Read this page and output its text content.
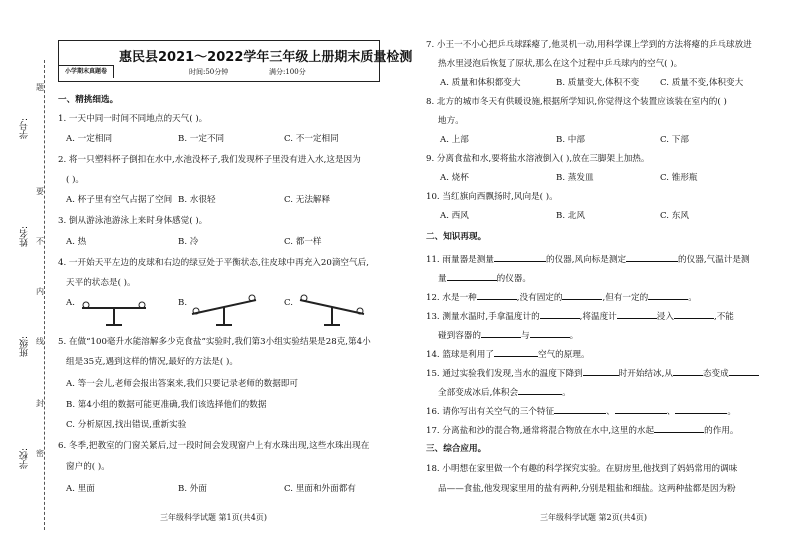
学号:
姓名:
班级:
学校:
题
要
不
内
线
封
密
小学期末真题卷
惠民县2021～2022学年三年级上册期末质量检测
时间:50分钟	满分:100分
一、精挑细选。
1. 一天中同一时间不同地点的天气( )。
A. 一定相同	B. 一定不同	C. 不一定相同
2. 将一只塑料杯子倒扣在水中,水池没杯子,我们发现杯子里没有进入水,这是因为
( )。
A. 杯子里有空气占据了空间 B. 水很轻	C. 无法解释
3. 倒从游泳池游泳上来时身体感觉( )。
A. 热	B. 冷	C. 都一样
4. 一开始天平左边的皮球和右边的绿豆处于平衡状态,往皮球中再充入20滴空气后,
天平的状态是( )。
A.	B.	C.
5. 在做“100毫升水能溶解多少克食盐”实验时,我们第3小组实验结果是28克,第4小
组是35克,遇到这样的情况,最好的方法是( )。
A. 等一会儿,老师会报出答案来,我们只要记录老师的数据即可
B. 第4小组的数据可能更准确,我们该选择他们的数据
C. 分析原因,找出错误,重新实验
6. 冬季,把教室的门窗关紧后,过一段时间会发现窗户上有水珠出现,这些水珠出现在
窗户的( )。
A. 里面	B. 外面	C. 里面和外面都有
三年级科学试题 第1页(共4页)
7. 小王一不小心把乒乓球踩瘪了,他灵机一动,用科学课上学到的方法将瘪的乒乓球放进
热水里浸泡后恢复了原状,那么在这个过程中乒乓球内的空气( )。
A. 质量和体积都变大	B. 质量变大,体积不变 C. 质量不变,体积变大
8. 北方的城市冬天有供暖设施,根据所学知识,你觉得这个装置应该装在室内的( )
地方。
A. 上部	B. 中部	C. 下部
9. 分离食盐和水,要将盐水溶液倒入( ),放在三脚架上加热。
A. 烧杯	B. 蒸发皿	C. 锥形瓶
10. 当红旗向西飘扬时,风向是( )。
A. 西风	B. 北风	C. 东风
二、知识再现。
11. 雨量器是测量	的仪器,风向标是测定	的仪器,气温计是测
量	的仪器。
12. 水是一种	,没有固定的	,但有一定的	。
13. 测量水温时,手拿温度计的	,将温度计	浸入	,不能
碰到容器的	与	。
14. 篮球是利用了	空气的原理。
15. 通过实验我们发现,当水的温度下降到	时开始结冰,从	态变成
全部变成冰后,体积会	。
16. 请你写出有关空气的三个特征	、	、	。
17. 分离盐和沙的混合物,通常将混合物放在水中,这里的水起	的作用。
三、综合应用。
18. 小明想在家里做一个有趣的科学探究实验。在厨房里,他找到了妈妈常用的调味
品——食盐,他发现家里用的盐有两种,分别是粗盐和细盐。这两种盐都是因为粉
三年级科学试题 第2页(共4页)
